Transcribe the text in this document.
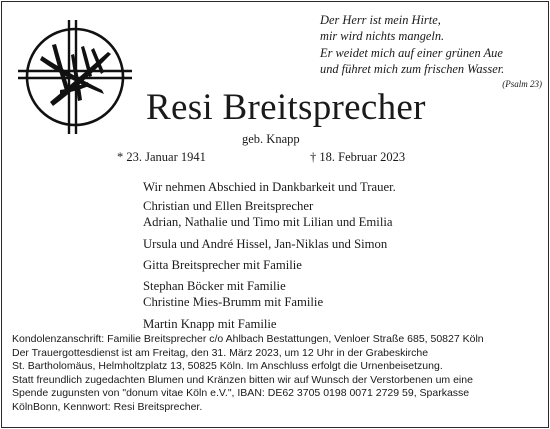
Der Herr ist mein Hirte,
mir wird nichts mangeln.
Er weidet mich auf einer grünen Aue
und führet mich zum frischen Wasser.
(Psalm 23)
Resi Breitsprecher
geb. Knapp
* 23. Januar 1941	† 18. Februar 2023
Wir nehmen Abschied in Dankbarkeit und Trauer.
Christian und Ellen Breitsprecher
Adrian, Nathalie und Timo mit Lilian und Emilia
Ursula und André Hissel, Jan-Niklas und Simon
Gitta Breitsprecher mit Familie
Stephan Böcker mit Familie
Christine Mies-Brumm mit Familie
Martin Knapp mit Familie
Kondolenzanschrift: Familie Breitsprecher c/o Ahlbach Bestattungen, Venloer Straße 685, 50827 Köln
Der Trauergottesdienst ist am Freitag, den 31. März 2023, um 12 Uhr in der Grabeskirche
St. Bartholomäus, Helmholtzplatz 13, 50825 Köln. Im Anschluss erfolgt die Urnenbeisetzung.
Statt freundlich zugedachten Blumen und Kränzen bitten wir auf Wunsch der Verstorbenen um eine
Spende zugunsten von "donum vitae Köln e.V.", IBAN: DE62 3705 0198 0071 2729 59, Sparkasse
KölnBonn, Kennwort: Resi Breitsprecher.
